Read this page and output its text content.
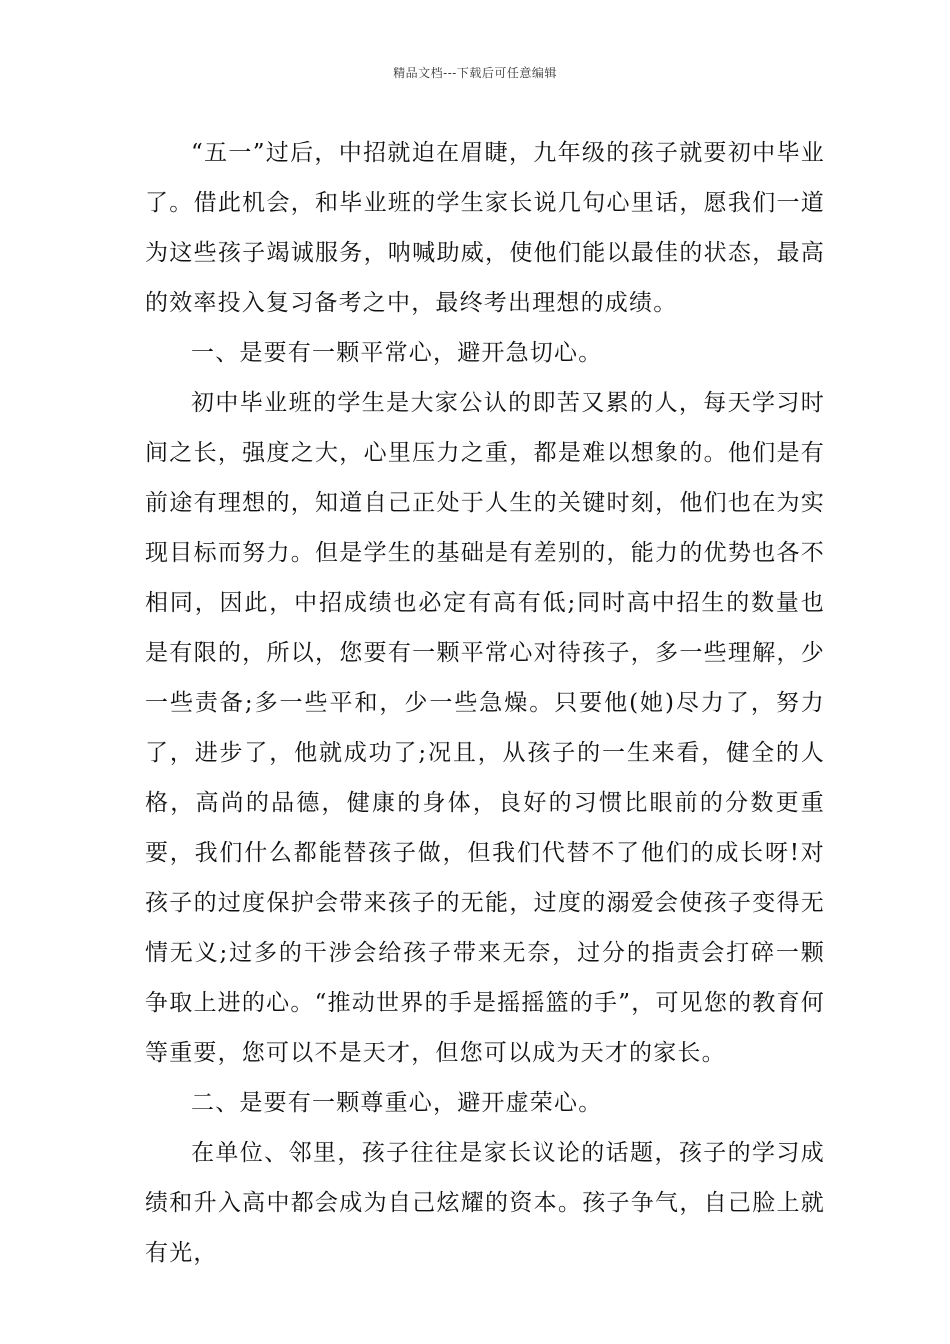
精品文档---下载后可任意编辑

“五一”过后，中招就迫在眉睫，九年级的孩子就要初中毕业了。借此机会，和毕业班的学生家长说几句心里话，愿我们一道为这些孩子竭诚服务，呐喊助威，使他们能以最佳的状态，最高的效率投入复习备考之中，最终考出理想的成绩。

一、是要有一颗平常心，避开急切心。

初中毕业班的学生是大家公认的即苦又累的人，每天学习时间之长，强度之大，心里压力之重，都是难以想象的。他们是有前途有理想的，知道自己正处于人生的关键时刻，他们也在为实现目标而努力。但是学生的基础是有差别的，能力的优势也各不相同，因此，中招成绩也必定有高有低;同时高中招生的数量也是有限的，所以，您要有一颗平常心对待孩子，多一些理解，少一些责备;多一些平和，少一些急燥。只要他(她)尽力了，努力了，进步了，他就成功了;况且，从孩子的一生来看，健全的人格，高尚的品德，健康的身体，良好的习惯比眼前的分数更重要，我们什么都能替孩子做，但我们代替不了他们的成长呀!对孩子的过度保护会带来孩子的无能，过度的溺爱会使孩子变得无情无义;过多的干涉会给孩子带来无奈，过分的指责会打碎一颗争取上进的心。“推动世界的手是摇摇篮的手”，可见您的教育何等重要，您可以不是天才，但您可以成为天才的家长。

二、是要有一颗尊重心，避开虚荣心。

在单位、邻里，孩子往往是家长议论的话题，孩子的学习成绩和升入高中都会成为自己炫耀的资本。孩子争气，自己脸上就有光，
